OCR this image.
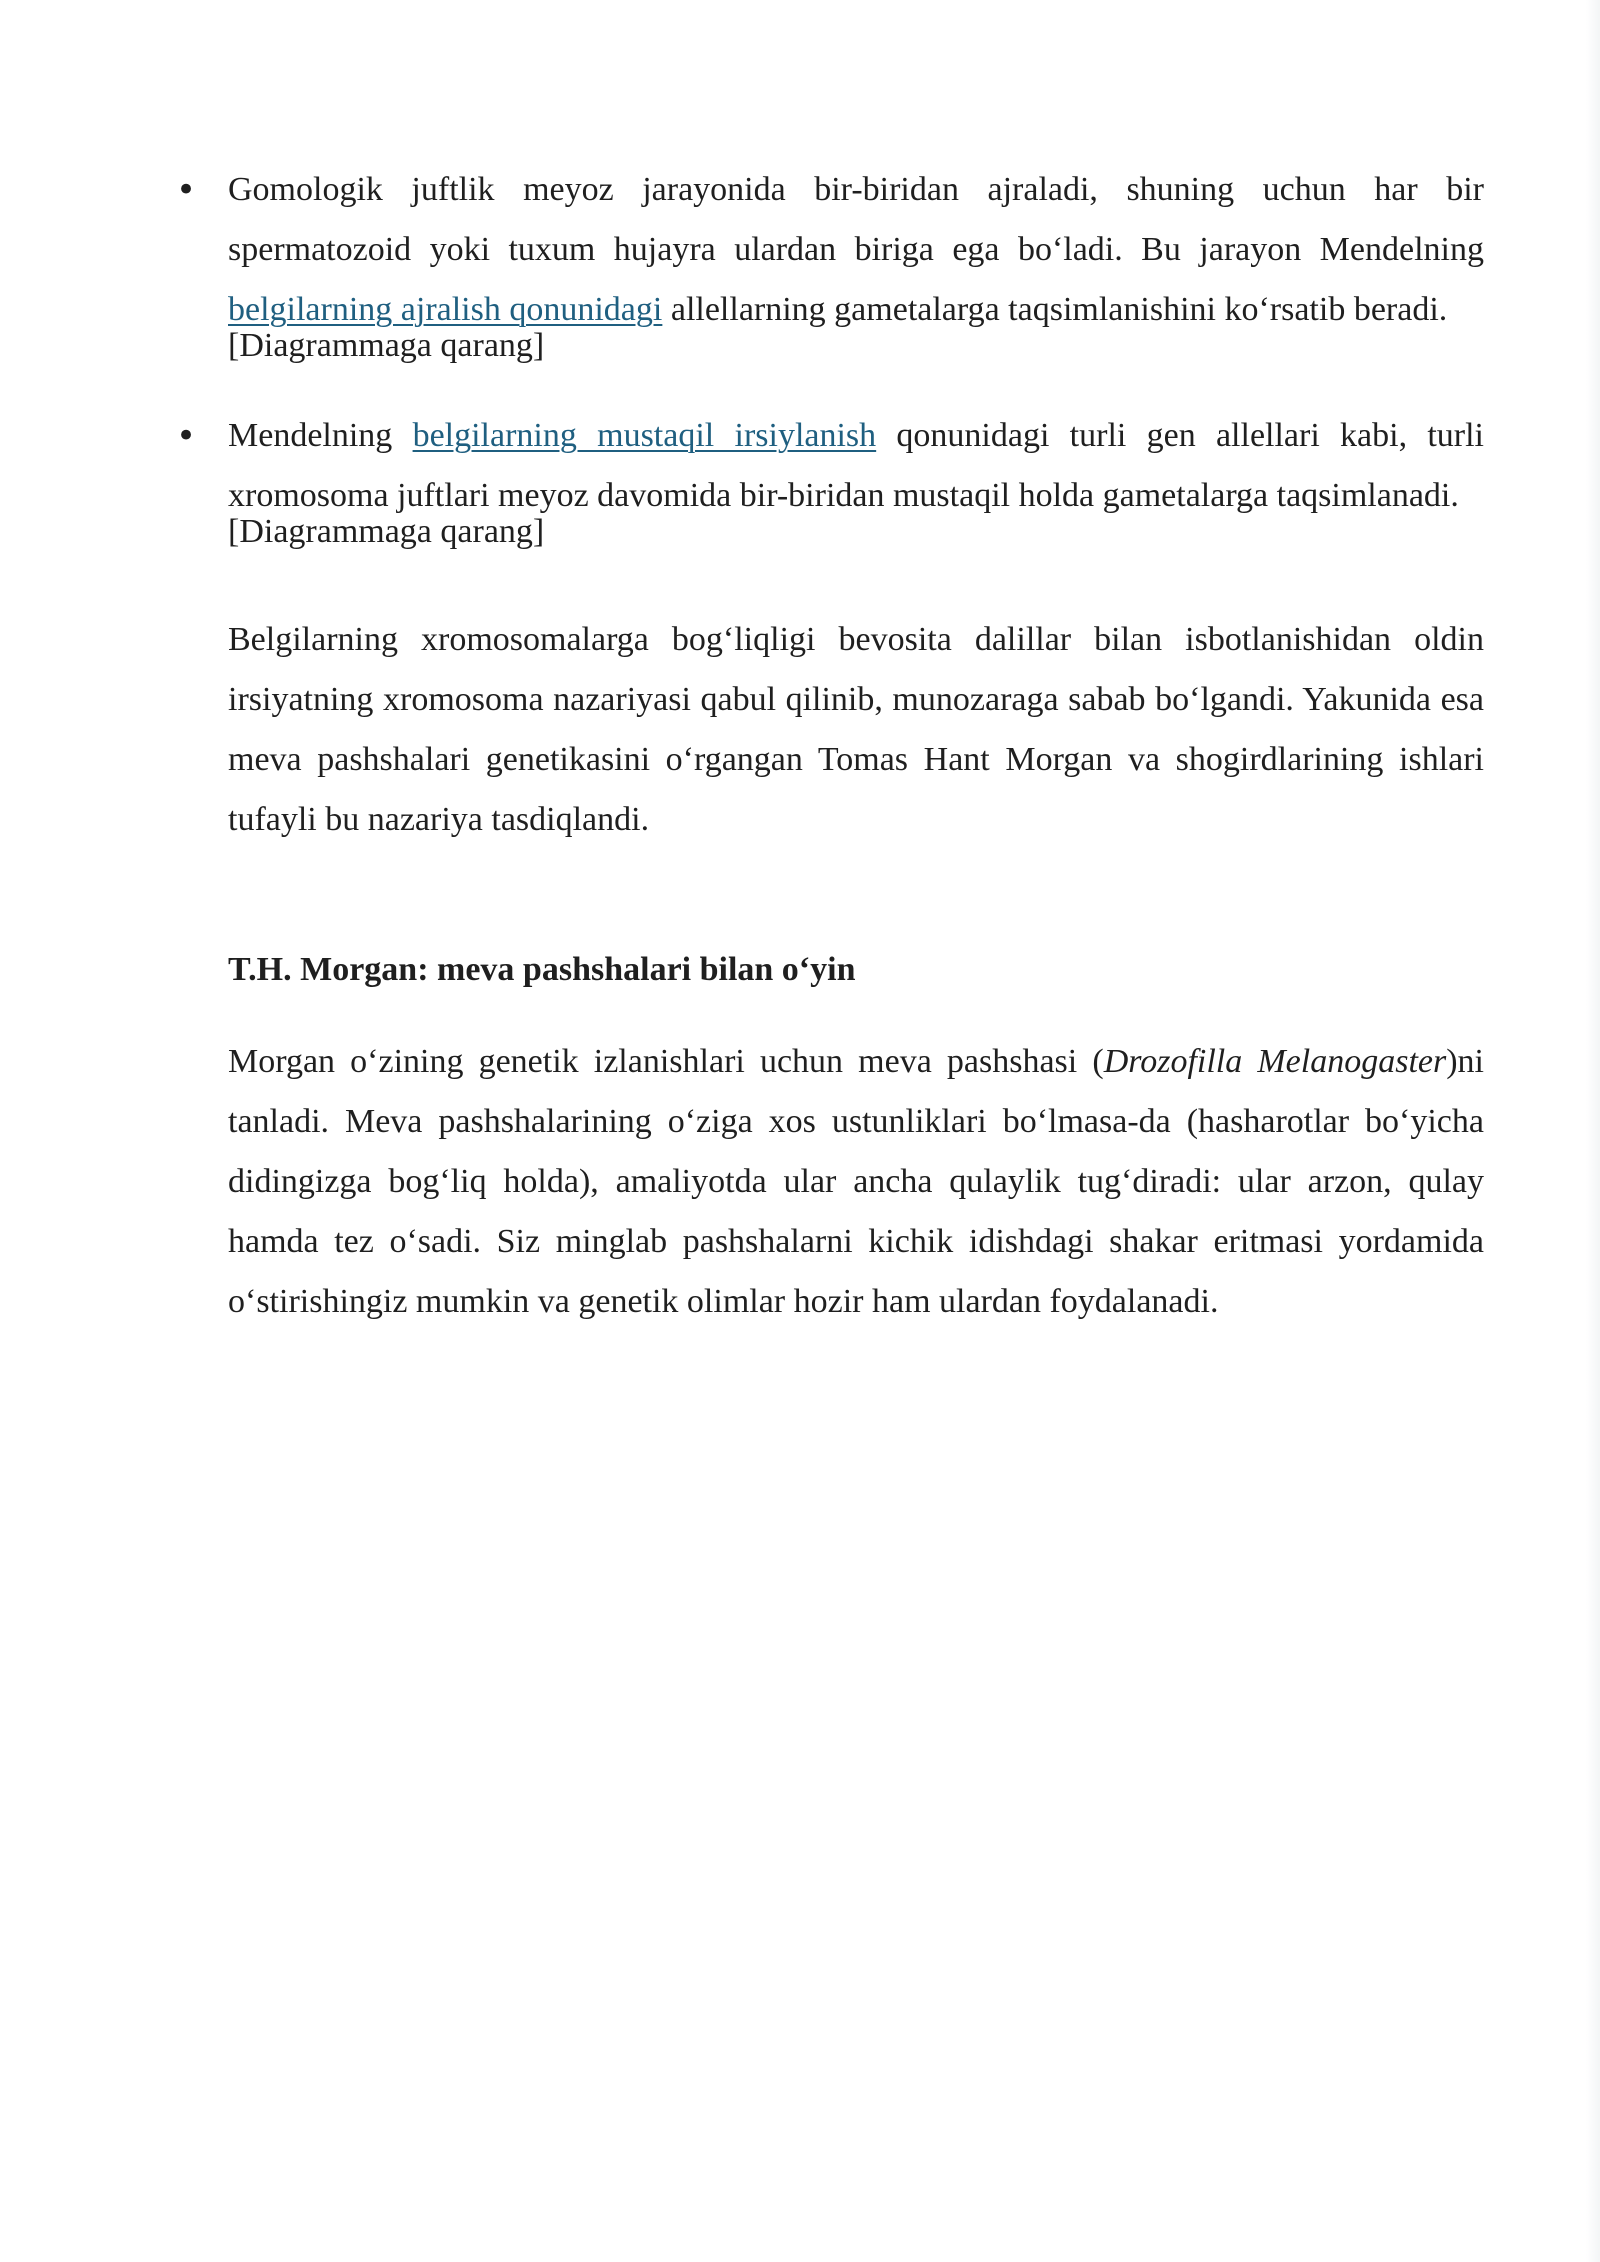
• Gomologik juftlik meyoz jarayonida bir-biridan ajraladi, shuning uchun har bir spermatozoid yoki tuxum hujayra ulardan biriga ega bo‘ladi. Bu jarayon Mendelning belgilarning ajralish qonunidagi allellarning gametalarga taqsimlanishini ko‘rsatib beradi.

[Diagrammaga qarang]
• Mendelning belgilarning mustaqil irsiylanish qonunidagi turli gen allellari kabi, turli xromosoma juftlari meyoz davomida bir-biridan mustaqil holda gametalarga taqsimlanadi.

[Diagrammaga qarang]

Belgilarning xromosomalarga bog‘liqligi bevosita dalillar bilan isbotlanishidan oldin irsiyatning xromosoma nazariyasi qabul qilinib, munozaraga sabab bo‘lgandi. Yakunida esa meva pashshalari genetikasini o‘rgangan Tomas Hant Morgan va shogirdlarining ishlari tufayli bu nazariya tasdiqlandi.

T.H. Morgan: meva pashshalari bilan o‘yin

Morgan o‘zining genetik izlanishlari uchun meva pashshasi (Drozofilla Melanogaster)ni tanladi. Meva pashshalarining o‘ziga xos ustunliklari bo‘lmasa-da (hasharotlar bo‘yicha didingizga bog‘liq holda), amaliyotda ular ancha qulaylik tug‘diradi: ular arzon, qulay hamda tez o‘sadi. Siz minglab pashshalarni kichik idishdagi shakar eritmasi yordamida o‘stirishingiz mumkin va genetik olimlar hozir ham ulardan foydalanadi.
